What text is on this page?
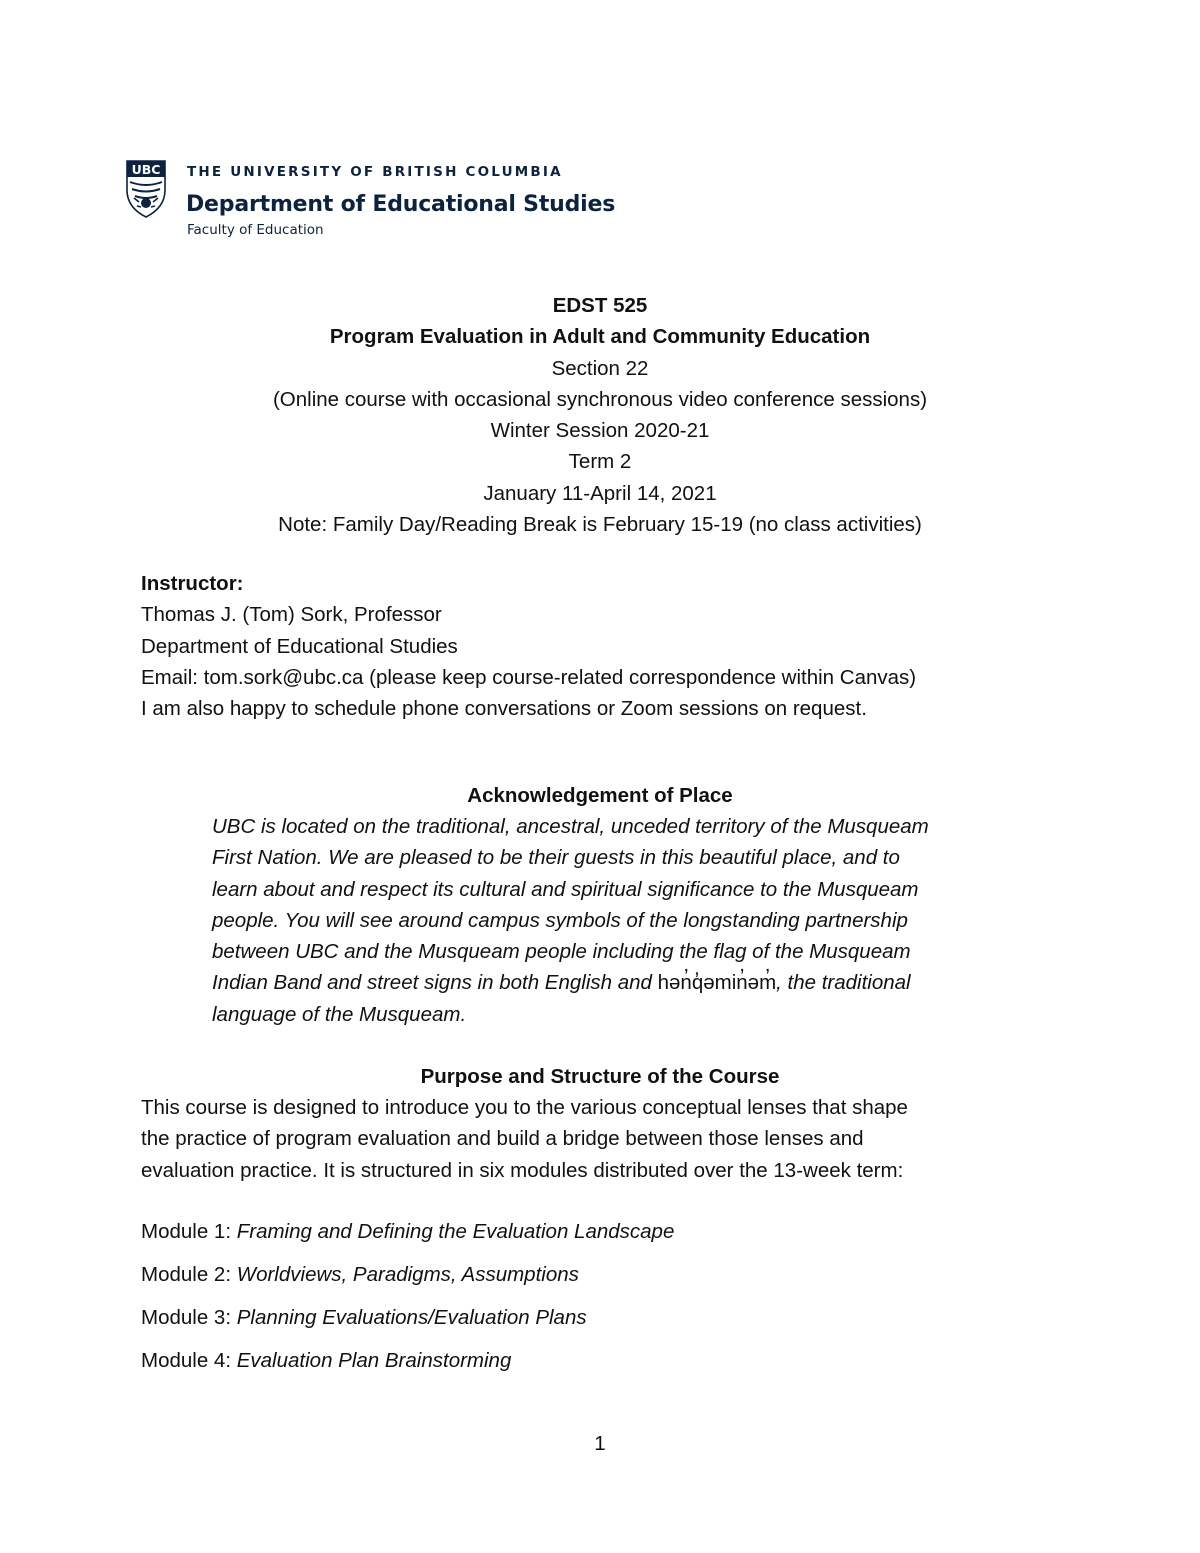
UBC THE UNIVERSITY OF BRITISH COLUMBIA
Department of Educational Studies
Faculty of Education
EDST 525
Program Evaluation in Adult and Community Education
Section 22
(Online course with occasional synchronous video conference sessions)
Winter Session 2020-21
Term 2
January 11-April 14, 2021
Note: Family Day/Reading Break is February 15-19 (no class activities)
Instructor:
Thomas J. (Tom) Sork, Professor
Department of Educational Studies
Email: tom.sork@ubc.ca (please keep course-related correspondence within Canvas)
I am also happy to schedule phone conversations or Zoom sessions on request.
Acknowledgement of Place
UBC is located on the traditional, ancestral, unceded territory of the Musqueam
First Nation. We are pleased to be their guests in this beautiful place, and to
learn about and respect its cultural and spiritual significance to the Musqueam
people. You will see around campus symbols of the longstanding partnership
between UBC and the Musqueam people including the flag of the Musqueam
Indian Band and street signs in both English and hən̓q̓əmin̓əm̓, the traditional
language of the Musqueam.
Purpose and Structure of the Course
This course is designed to introduce you to the various conceptual lenses that shape
the practice of program evaluation and build a bridge between those lenses and
evaluation practice. It is structured in six modules distributed over the 13-week term:
Module 1: Framing and Defining the Evaluation Landscape
Module 2: Worldviews, Paradigms, Assumptions
Module 3: Planning Evaluations/Evaluation Plans
Module 4: Evaluation Plan Brainstorming
1
